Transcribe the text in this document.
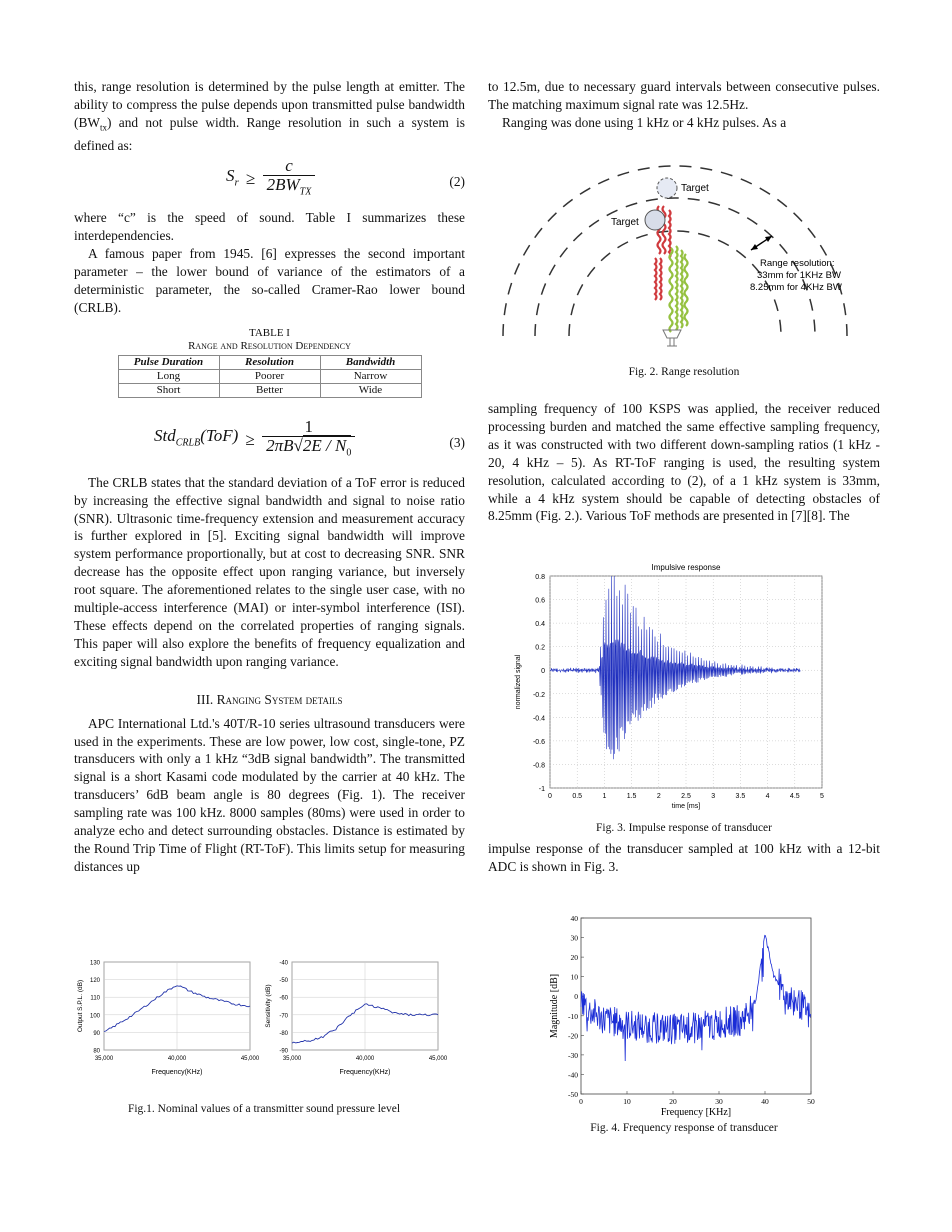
this, range resolution is determined by the pulse length at emitter. The ability to compress the pulse depends upon transmitted pulse bandwidth $(BW_{tx})$ and not pulse width. Range resolution in such a system is defined as:

$S_r \ge \frac{c}{2BW_{TX}}$	(2)

where “c” is the speed of sound. Table I summarizes these interdependencies.

A famous paper from 1945. [6] expresses the second important parameter – the lower bound of variance of the estimators of a deterministic parameter, the so-called Cramer-Rao lower bound (CRLB).

TABLE I
Range and Resolution Dependency
Pulse Duration	Resolution	Bandwidth
Long	Poorer	Narrow
Short	Better	Wide
$Std_{CRLB}(ToF) \ge \frac{1}{2\pi B√2E / N_0}$	(3)

The CRLB states that the standard deviation of a ToF error is reduced by increasing the effective signal bandwidth and signal to noise ratio (SNR). Ultrasonic time-frequency extension and measurement accuracy is further explored in [5]. Exciting signal bandwidth will improve system performance proportionally, but at cost to decreasing SNR. SNR decrease has the opposite effect upon ranging variance, but inversely root square. The aforementioned relates to the single user case, with no multiple-access interference (MAI) or inter-symbol interference (ISI). These effects depend on the correlated properties of ranging signals. This paper will also explore the benefits of frequency equalization and exciting signal bandwidth upon ranging variance.

III. Ranging System details

APC International Ltd.'s 40T/R-10 series ultrasound transducers were used in the experiments. These are low power, low cost, single-tone, PZ transducers with only a 1 kHz “3dB signal bandwidth”. The transmitted signal is a short Kasami code modulated by the carrier at 40 kHz. The transducers’ 6dB beam angle is 80 degrees (Fig. 1). The receiver sampling rate was 100 kHz. 8000 samples (80ms) were used in order to analyze echo and detect surrounding obstacles. Distance is estimated by the Round Trip Time of Flight (RT-ToF). This limits setup for measuring distances up

to 12.5m, due to necessary guard intervals between consecutive pulses. The matching maximum signal rate was 12.5Hz.

Ranging was done using 1 kHz or 4 kHz pulses. As a

sampling frequency of 100 KSPS was applied, the receiver reduced processing burden and matched the same effective sampling frequency, as it was constructed with two different down-sampling ratios (1 kHz - 20, 4 kHz – 5). As RT-ToF ranging is used, the resulting system resolution, calculated according to (2), of a 1 kHz system is 33mm, while a 4 kHz system should be capable of detecting obstacles of 8.25mm (Fig. 2.). Various ToF methods are presented in [7][8]. The

impulse response of the transducer sampled at 100 kHz with a 12-bit ADC is shown in Fig. 3.

130
120
110
100
90
80
35,000	40,000	45,000
Frequency(KHz)
Output S.P.L. (dB)
-40
-50
-60
-70
-80
-90
35,000	40,000	45,000
Frequency(KHz)
Sensitivity (dB)
Fig.1. Nominal values of a transmitter sound pressure level
Target
Target
Range resolution:
33mm for 1KHz BW
8.25mm for 4KHz BW
Fig. 2. Range resolution
Impulsive response
0.8
0.6
0.4
0.2
0
-0.2
-0.4
-0.6
-0.8
-1
0	0.5	1	1.5	2	2.5	3	3.5	4	4.5	5
time [ms]
normalized signal
Fig. 3. Impulse response of transducer
40
30
20
10
0
-10
-20
-30
-40
-50
0	10	20	30	40	50
Frequency [KHz]
Magnitude [dB]
Fig. 4. Frequency response of transducer
